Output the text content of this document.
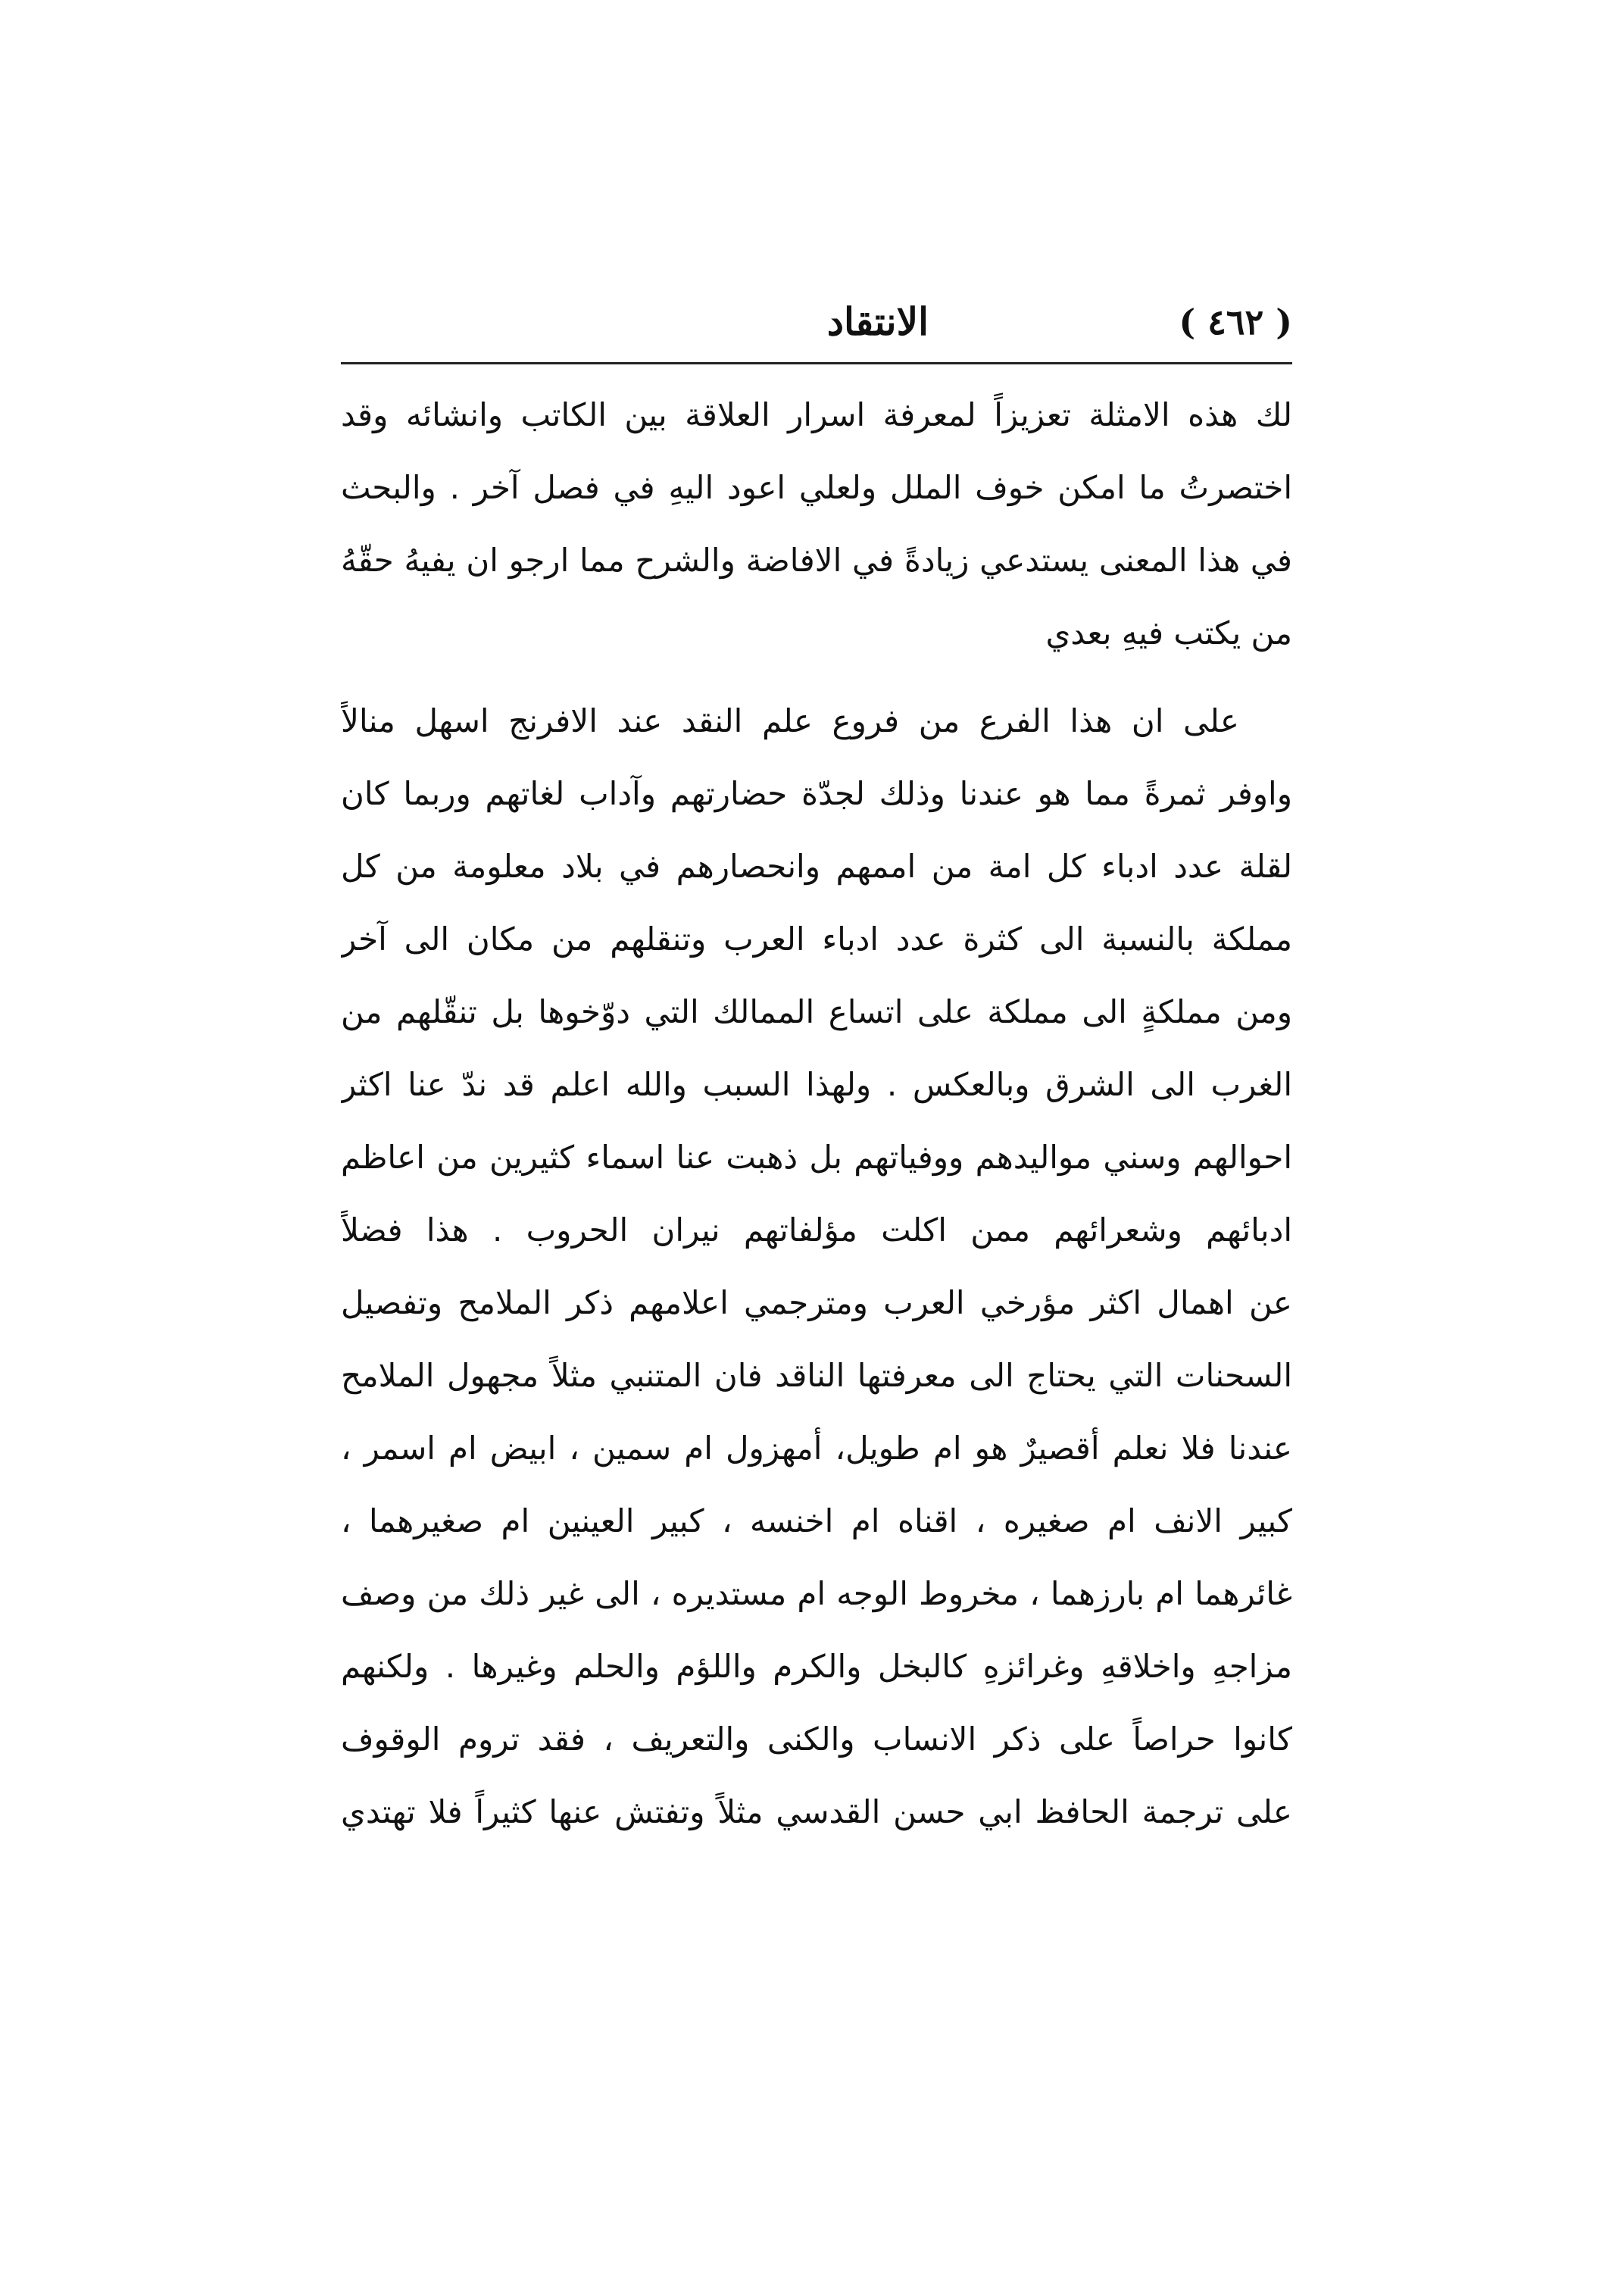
( ٤٦٢ )
الانتقاد
لك هذه الامثلة تعزيزاً لمعرفة اسرار العلاقة بين الكاتب وانشائه وقد
اختصرتُ ما امكن خوف الملل ولعلي اعود اليهِ في فصل آخر . والبحث
في هذا المعنى يستدعي زيادةً في الافاضة والشرح مما ارجو ان يفيهُ حقّهُ
من يكتب فيهِ بعدي
على ان هذا الفرع من فروع علم النقد عند الافرنج اسهل منالاً
واوفر ثمرةً مما هو عندنا وذلك لجدّة حضارتهم وآداب لغاتهم وربما كان
لقلة عدد ادباء كل امة من اممهم وانحصارهم في بلاد معلومة من كل
مملكة بالنسبة الى كثرة عدد ادباء العرب وتنقلهم من مكان الى آخر
ومن مملكةٍ الى مملكة على اتساع الممالك التي دوّخوها بل تنقّلهم من
الغرب الى الشرق وبالعكس . ولهذا السبب والله اعلم قد ندّ عنا اكثر
احوالهم وسني مواليدهم ووفياتهم بل ذهبت عنا اسماء كثيرين من اعاظم
ادبائهم وشعرائهم ممن اكلت مؤلفاتهم نيران الحروب . هذا فضلاً
عن اهمال اكثر مؤرخي العرب ومترجمي اعلامهم ذكر الملامح وتفصيل
السحنات التي يحتاج الى معرفتها الناقد فان المتنبي مثلاً مجهول الملامح
عندنا فلا نعلم أقصيرٌ هو ام طويل، أمهزول ام سمين ، ابيض ام اسمر ،
كبير الانف ام صغيره ، اقناه ام اخنسه ، كبير العينين ام صغيرهما ،
غائرهما ام بارزهما ، مخروط الوجه ام مستديره ، الى غير ذلك من وصف
مزاجهِ واخلاقهِ وغرائزهِ كالبخل والكرم واللؤم والحلم وغيرها . ولكنهم
كانوا حراصاً على ذكر الانساب والكنى والتعريف ، فقد تروم الوقوف
على ترجمة الحافظ ابي حسن القدسي مثلاً وتفتش عنها كثيراً فلا تهتدي
